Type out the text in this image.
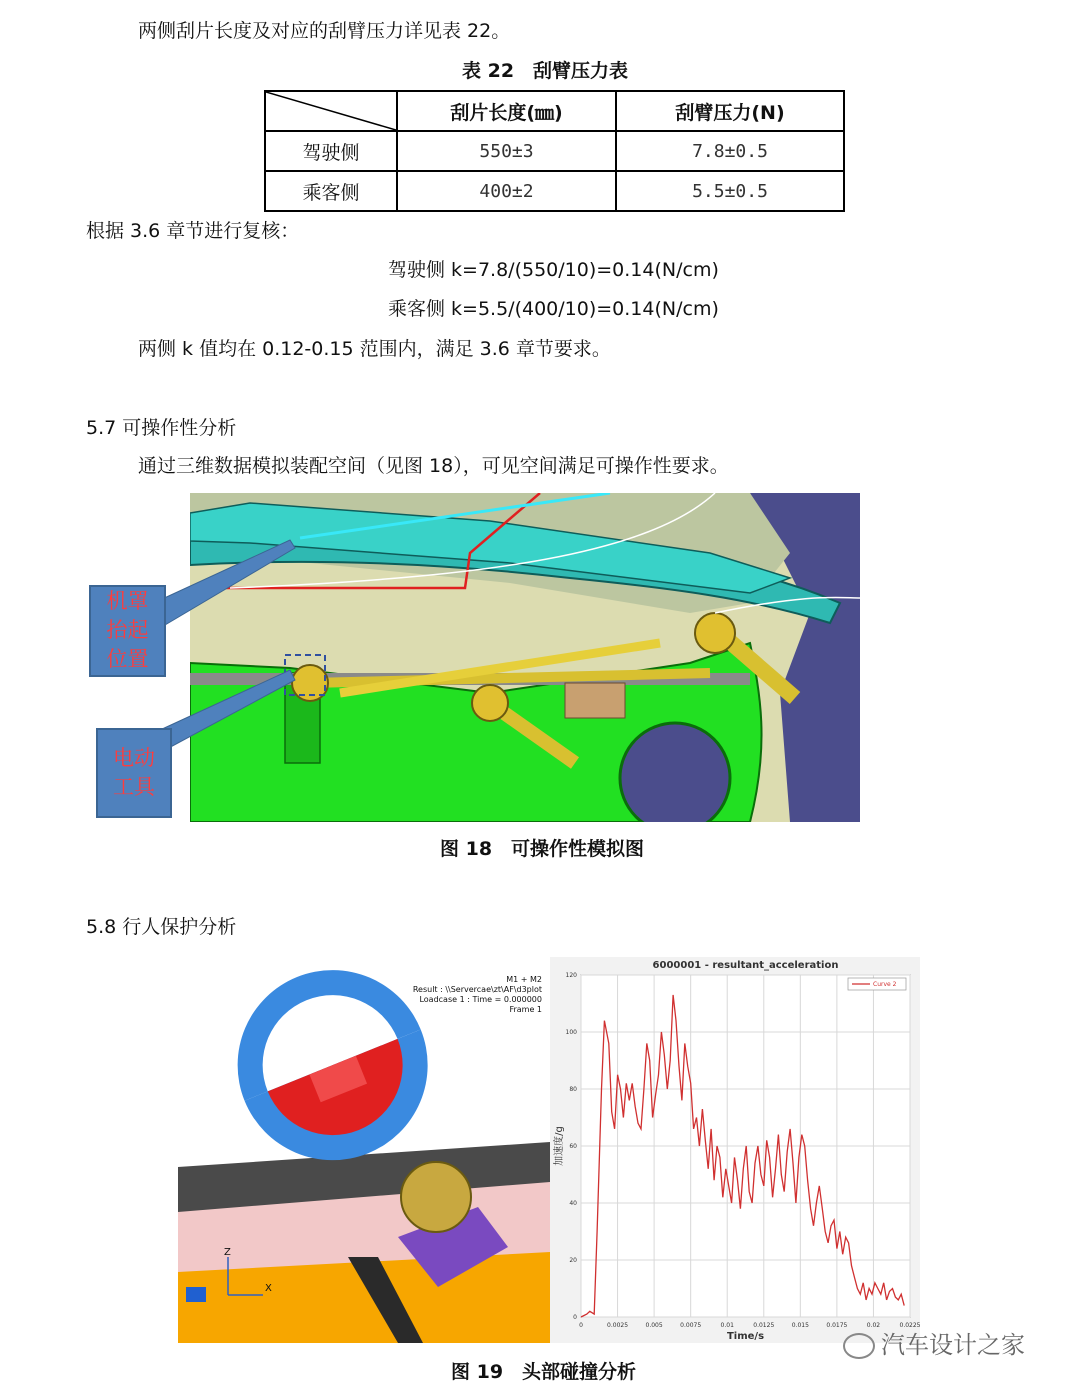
两侧刮片长度及对应的刮臂压力详见表 22。
表 22　刮臂压力表
	刮片长度(㎜)	刮臂压力(N)
驾驶侧	550±3	7.8±0.5
乘客侧	400±2	5.5±0.5
根据 3.6 章节进行复核：
驾驶侧 k=7.8/(550/10)=0.14(N/cm)
乘客侧 k=5.5/(400/10)=0.14(N/cm)
两侧 k 值均在 0.12-0.15 范围内，满足 3.6 章节要求。
5.7 可操作性分析
通过三维数据模拟装配空间（见图 18），可见空间满足可操作性要求。
机罩
抬起
位置
电动
工具
图 18　可操作性模拟图
5.8 行人保护分析
X
Z
M1 + M2
Result : \\Servercae\zt\AF\d3plot
Loadcase 1 : Time = 0.000000
Frame 1
0	0.0025	0.005	0.0075	0.01	0.0125	0.015	0.0175	0.02	0.0225
0
20
40
60
80
100
120
6000001 - resultant_acceleration
Time/s
加速度/g
Curve 2
汽车设计之家
图 19　头部碰撞分析
